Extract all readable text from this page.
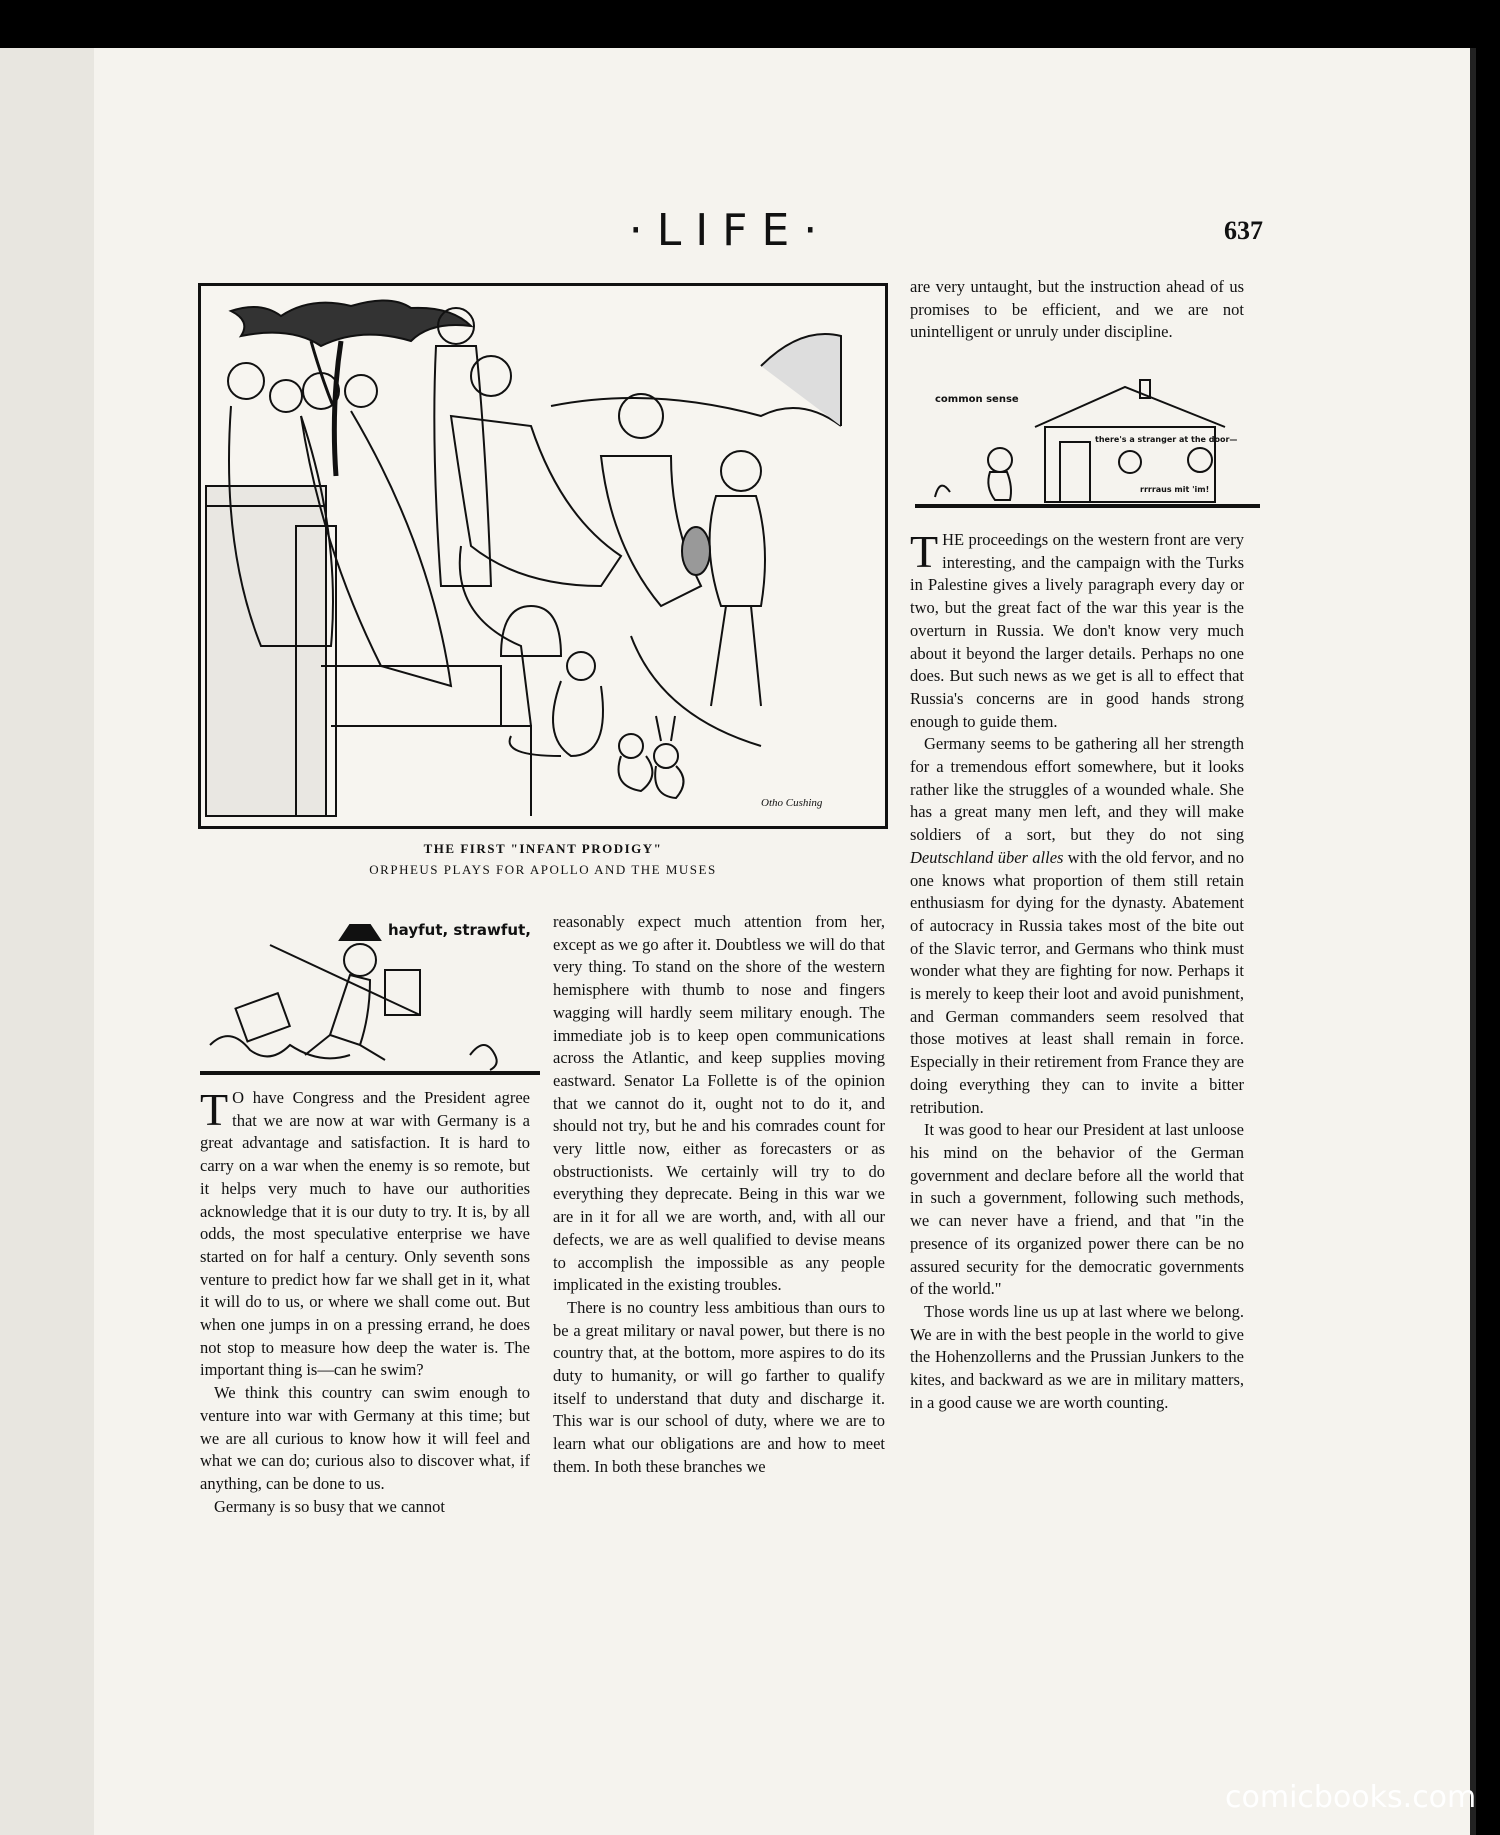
·LIFE·	637
Otho Cushing
THE FIRST "INFANT PRODIGY"
ORPHEUS PLAYS FOR APOLLO AND THE MUSES
hayfut, strawfut,
common sense
there's a stranger at the door—
rrrraus mit 'im!

T O have Congress and the President agree that we are now at war with Germany is a great advantage and satisfaction. It is hard to carry on a war when the enemy is so remote, but it helps very much to have our authorities acknowledge that it is our duty to try. It is, by all odds, the most speculative enterprise we have started on for half a century. Only seventh sons venture to predict how far we shall get in it, what it will do to us, or where we shall come out. But when one jumps in on a pressing errand, he does not stop to measure how deep the water is. The important thing is—can he swim?

We think this country can swim enough to venture into war with Germany at this time; but we are all curious to know how it will feel and what we can do; curious also to discover what, if anything, can be done to us.

Germany is so busy that we cannot

reasonably expect much attention from her, except as we go after it. Doubtless we will do that very thing. To stand on the shore of the western hemisphere with thumb to nose and fingers wagging will hardly seem military enough. The immediate job is to keep open communications across the Atlantic, and keep supplies moving eastward. Senator La Follette is of the opinion that we cannot do it, ought not to do it, and should not try, but he and his comrades count for very little now, either as forecasters or as obstructionists. We certainly will try to do everything they deprecate. Being in this war we are in it for all we are worth, and, with all our defects, we are as well qualified to devise means to accomplish the impossible as any people implicated in the existing troubles.

There is no country less ambitious than ours to be a great military or naval power, but there is no country that, at the bottom, more aspires to do its duty to humanity, or will go farther to qualify itself to understand that duty and discharge it. This war is our school of duty, where we are to learn what our obligations are and how to meet them. In both these branches we

are very untaught, but the instruction ahead of us promises to be efficient, and we are not unintelligent or unruly under discipline.

THE proceedings on the western front are very interesting, and the campaign with the Turks in Palestine gives a lively paragraph every day or two, but the great fact of the war this year is the overturn in Russia. We don't know very much about it beyond the larger details. Perhaps no one does. But such news as we get is all to effect that Russia's concerns are in good hands strong enough to guide them.

Germany seems to be gathering all her strength for a tremendous effort somewhere, but it looks rather like the struggles of a wounded whale. She has a great many men left, and they will make soldiers of a sort, but they do not sing Deutschland über alles with the old fervor, and no one knows what proportion of them still retain enthusiasm for dying for the dynasty. Abatement of autocracy in Russia takes most of the bite out of the Slavic terror, and Germans who think must wonder what they are fighting for now. Perhaps it is merely to keep their loot and avoid punishment, and German commanders seem resolved that those motives at least shall remain in force. Especially in their retirement from France they are doing everything they can to invite a bitter retribution.

It was good to hear our President at last unloose his mind on the behavior of the German government and declare before all the world that in such a government, following such methods, we can never have a friend, and that "in the presence of its organized power there can be no assured security for the democratic governments of the world."

Those words line us up at last where we belong. We are in with the best people in the world to give the Hohenzollerns and the Prussian Junkers to the kites, and backward as we are in military matters, in a good cause we are worth counting.

comicbooks.com
